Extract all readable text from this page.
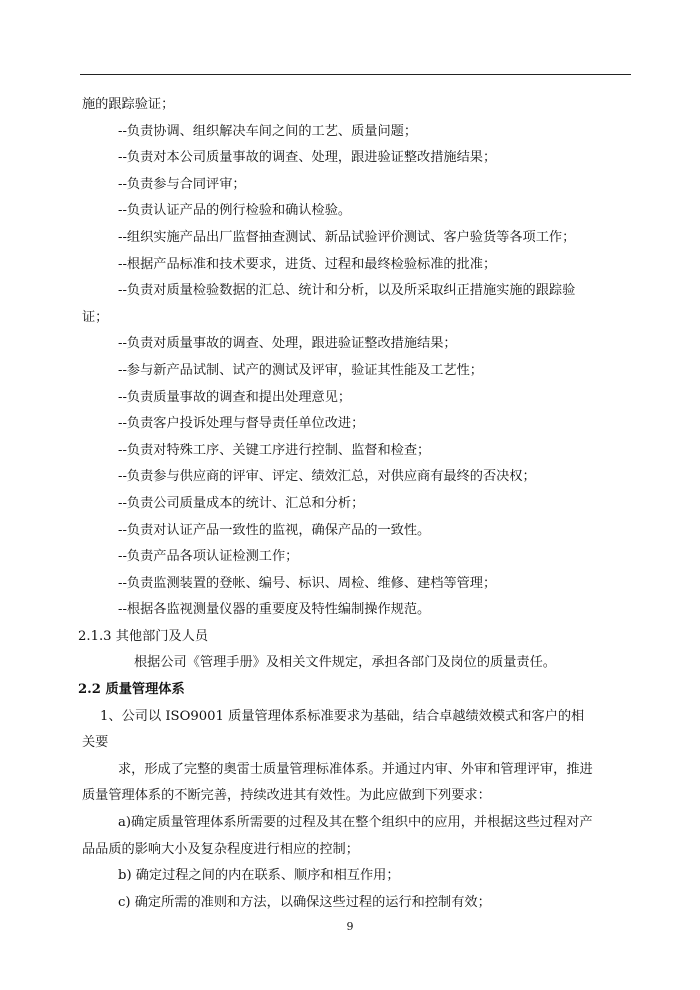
施的跟踪验证；

--负责协调、组织解决车间之间的工艺、质量问题；

--负责对本公司质量事故的调查、处理，跟进验证整改措施结果；

--负责参与合同评审；

--负责认证产品的例行检验和确认检验。

--组织实施产品出厂监督抽查测试、新品试验评价测试、客户验货等各项工作；

--根据产品标准和技术要求，进货、过程和最终检验标准的批准；

--负责对质量检验数据的汇总、统计和分析，以及所采取纠正措施实施的跟踪验

证；

--负责对质量事故的调查、处理，跟进验证整改措施结果；

--参与新产品试制、试产的测试及评审，验证其性能及工艺性；

--负责质量事故的调查和提出处理意见；

--负责客户投诉处理与督导责任单位改进；

--负责对特殊工序、关键工序进行控制、监督和检查；

--负责参与供应商的评审、评定、绩效汇总，对供应商有最终的否决权；

--负责公司质量成本的统计、汇总和分析；

--负责对认证产品一致性的监视，确保产品的一致性。

--负责产品各项认证检测工作；

--负责监测装置的登帐、编号、标识、周检、维修、建档等管理；

--根据各监视测量仪器的重要度及特性编制操作规范。

2.1.3 其他部门及人员

根据公司《管理手册》及相关文件规定，承担各部门及岗位的质量责任。

2.2 质量管理体系

1、公司以 ISO9001 质量管理体系标准要求为基础，结合卓越绩效模式和客户的相

关要

求，形成了完整的奥雷士质量管理标准体系。并通过内审、外审和管理评审，推进

质量管理体系的不断完善，持续改进其有效性。为此应做到下列要求：

a)确定质量管理体系所需要的过程及其在整个组织中的应用，并根据这些过程对产

品品质的影响大小及复杂程度进行相应的控制；

b) 确定过程之间的内在联系、顺序和相互作用；

c) 确定所需的准则和方法，以确保这些过程的运行和控制有效；

9
